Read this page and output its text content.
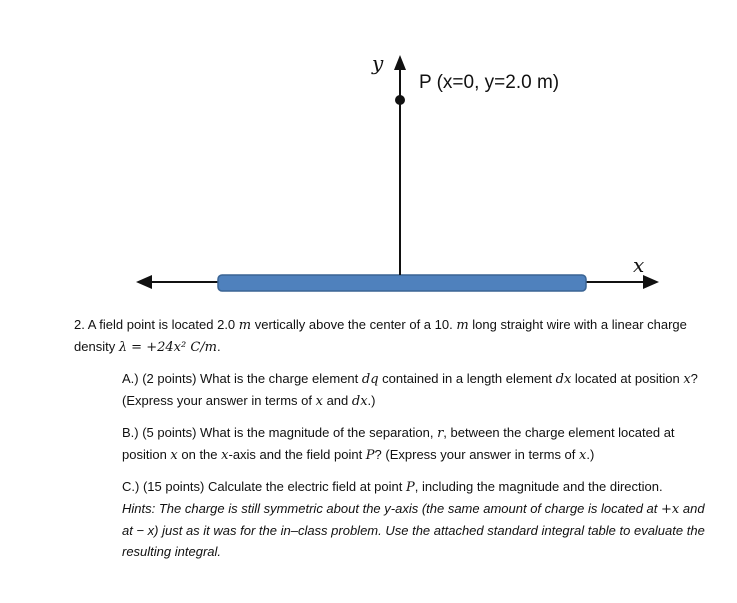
y
x
P (x=0, y=2.0 m)
2. A field point is located 2.0 m vertically above the center of a 10. m long straight wire with a linear charge density λ = +24x² C/m.
A.) (2 points) What is the charge element dq contained in a length element dx located at position x? (Express your answer in terms of x and dx.)
B.) (5 points) What is the magnitude of the separation, r, between the charge element located at position x on the x-axis and the field point P? (Express your answer in terms of x.)
C.) (15 points) Calculate the electric field at point P, including the magnitude and the direction.
Hints: The charge is still symmetric about the y-axis (the same amount of charge is located at +x and at − x) just as it was for the in–class problem. Use the attached standard integral table to evaluate the resulting integral.
